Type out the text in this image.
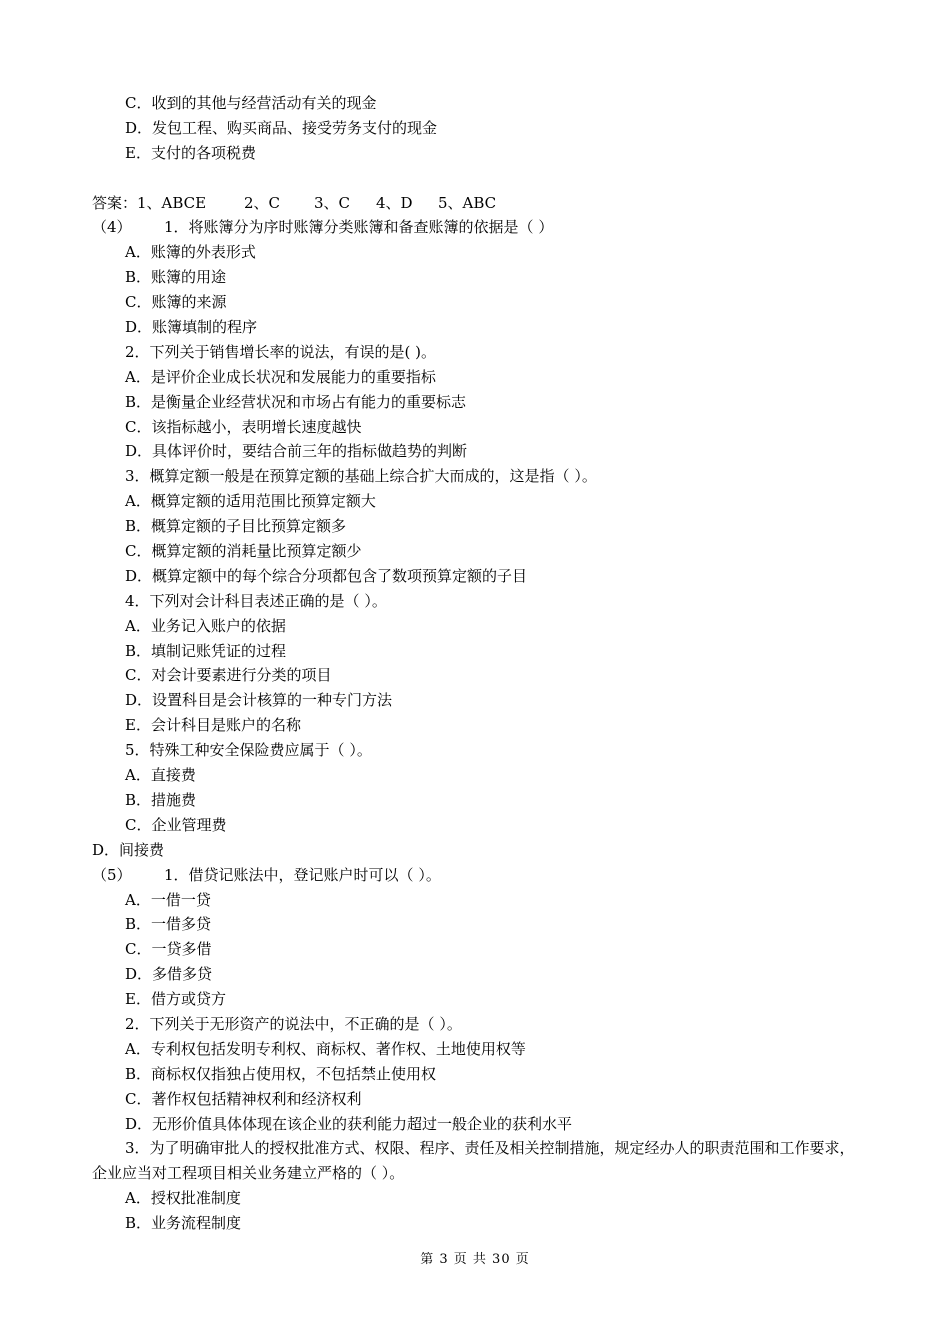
C．收到的其他与经营活动有关的现金
D．发包工程、购买商品、接受劳务支付的现金
E．支付的各项税费
答案：1、ABCE	2、C 3、C 4、D 5、ABC
（4） 1．将账簿分为序时账簿分类账簿和备查账簿的依据是（ ）
A．账簿的外表形式
B．账簿的用途
C．账簿的来源
D．账簿填制的程序
2．下列关于销售增长率的说法，有误的是( )。
A．是评价企业成长状况和发展能力的重要指标
B．是衡量企业经营状况和市场占有能力的重要标志
C．该指标越小，表明增长速度越快
D．具体评价时，要结合前三年的指标做趋势的判断
3．概算定额一般是在预算定额的基础上综合扩大而成的，这是指（ ）。
A．概算定额的适用范围比预算定额大
B．概算定额的子目比预算定额多
C．概算定额的消耗量比预算定额少
D．概算定额中的每个综合分项都包含了数项预算定额的子目
4．下列对会计科目表述正确的是（ ）。
A．业务记入账户的依据
B．填制记账凭证的过程
C．对会计要素进行分类的项目
D．设置科目是会计核算的一种专门方法
E．会计科目是账户的名称
5．特殊工种安全保险费应属于（ ）。
A．直接费
B．措施费
C．企业管理费
D．间接费
（5） 1．借贷记账法中，登记账户时可以（ ）。
A．一借一贷
B．一借多贷
C．一贷多借
D．多借多贷
E．借方或贷方
2．下列关于无形资产的说法中，不正确的是（ ）。
A．专利权包括发明专利权、商标权、著作权、土地使用权等
B．商标权仅指独占使用权，不包括禁止使用权
C．著作权包括精神权利和经济权利
D．无形价值具体体现在该企业的获利能力超过一般企业的获利水平
3．为了明确审批人的授权批准方式、权限、程序、责任及相关控制措施，规定经办人的职责范围和工作要求，企业应当对工程项目相关业务建立严格的（ ）。
A．授权批准制度
B．业务流程制度
第 3 页 共 30 页
